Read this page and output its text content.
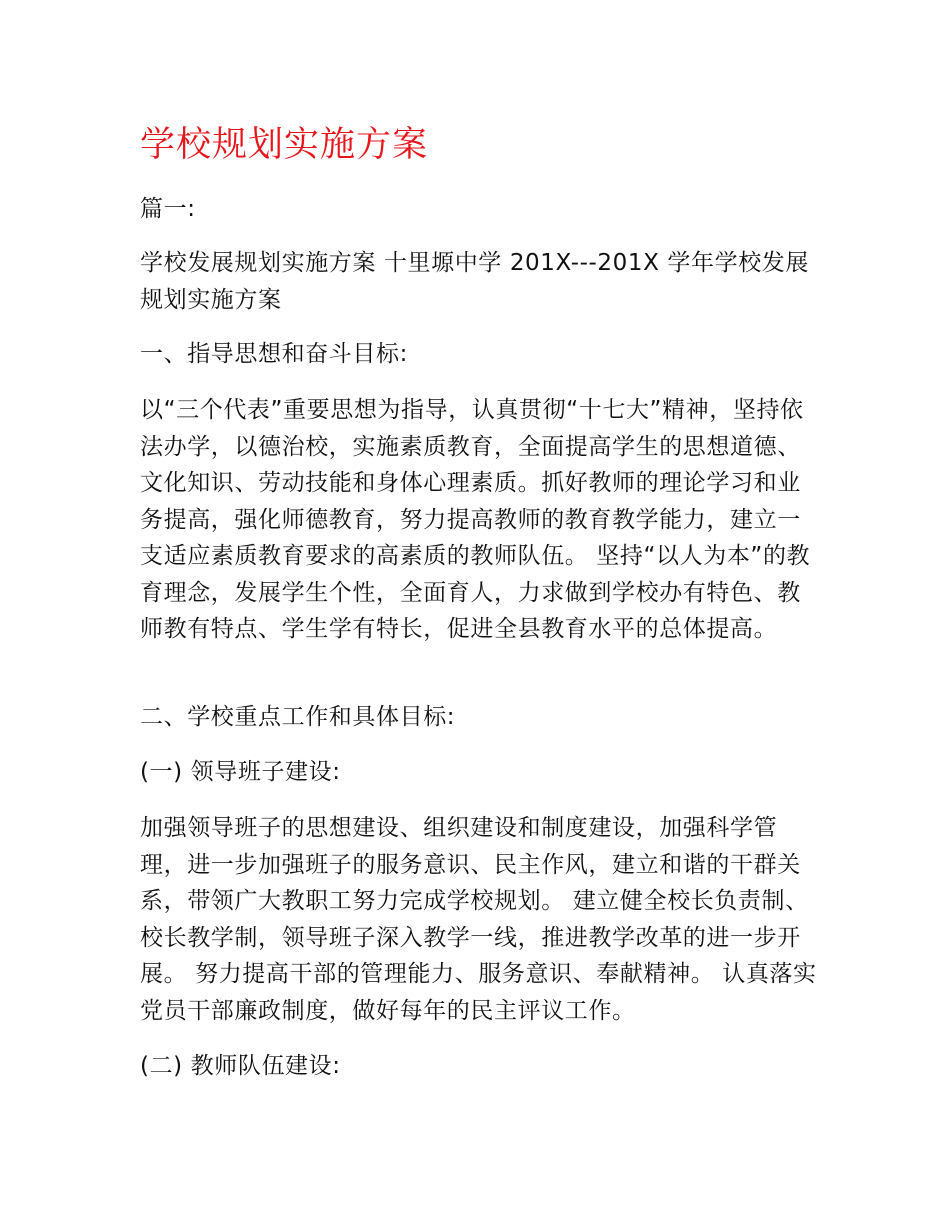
学校规划实施方案

篇一:

学校发展规划实施方案 十里塬中学 201X---201X 学年学校发展规划实施方案

一、指导思想和奋斗目标:

以“三个代表”重要思想为指导，认真贯彻“十七大”精神，坚持依法办学，以德治校，实施素质教育，全面提高学生的思想道德、文化知识、劳动技能和身体心理素质。抓好教师的理论学习和业务提高，强化师德教育，努力提高教师的教育教学能力，建立一支适应素质教育要求的高素质的教师队伍。 坚持“以人为本”的教育理念，发展学生个性，全面育人，力求做到学校办有特色、教师教有特点、学生学有特长，促进全县教育水平的总体提高。

二、学校重点工作和具体目标:

(一) 领导班子建设:

加强领导班子的思想建设、组织建设和制度建设，加强科学管理，进一步加强班子的服务意识、民主作风，建立和谐的干群关系，带领广大教职工努力完成学校规划。 建立健全校长负责制、校长教学制，领导班子深入教学一线，推进教学改革的进一步开展。 努力提高干部的管理能力、服务意识、奉献精神。 认真落实党员干部廉政制度，做好每年的民主评议工作。

(二) 教师队伍建设:
